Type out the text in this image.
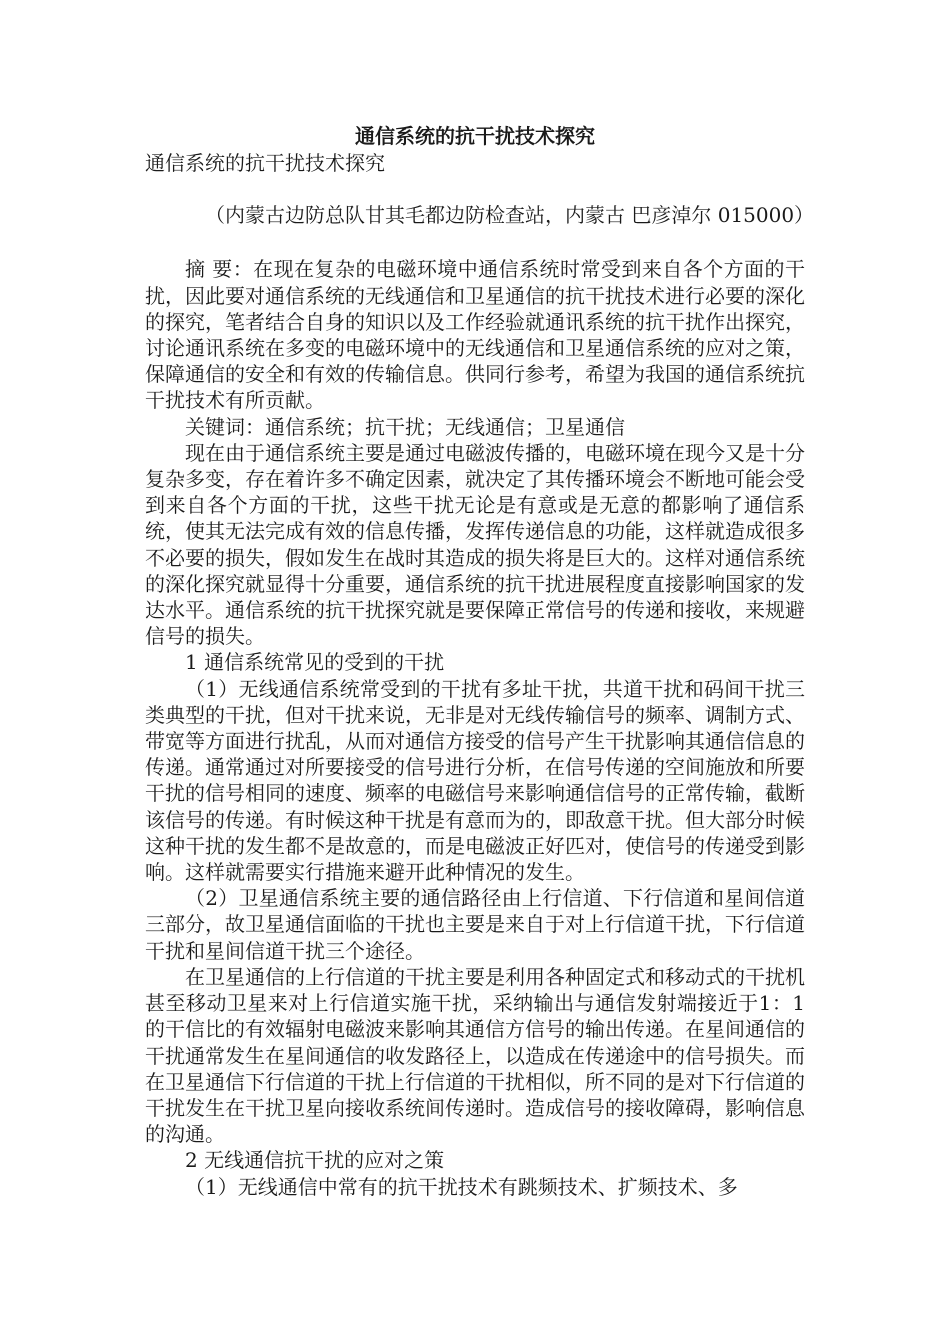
通信系统的抗干扰技术探究

通信系统的抗干扰技术探究

（内蒙古边防总队甘其毛都边防检查站，内蒙古 巴彦淖尔 015000）

摘 要：在现在复杂的电磁环境中通信系统时常受到来自各个方面的干扰，因此要对通信系统的无线通信和卫星通信的抗干扰技术进行必要的深化的探究，笔者结合自身的知识以及工作经验就通讯系统的抗干扰作出探究，讨论通讯系统在多变的电磁环境中的无线通信和卫星通信系统的应对之策，保障通信的安全和有效的传输信息。供同行参考，希望为我国的通信系统抗干扰技术有所贡献。

关键词：通信系统；抗干扰；无线通信；卫星通信

现在由于通信系统主要是通过电磁波传播的，电磁环境在现今又是十分复杂多变，存在着许多不确定因素，就决定了其传播环境会不断地可能会受到来自各个方面的干扰，这些干扰无论是有意或是无意的都影响了通信系统，使其无法完成有效的信息传播，发挥传递信息的功能，这样就造成很多不必要的损失，假如发生在战时其造成的损失将是巨大的。这样对通信系统的深化探究就显得十分重要，通信系统的抗干扰进展程度直接影响国家的发达水平。通信系统的抗干扰探究就是要保障正常信号的传递和接收，来规避信号的损失。

1 通信系统常见的受到的干扰

（1）无线通信系统常受到的干扰有多址干扰，共道干扰和码间干扰三类典型的干扰，但对干扰来说，无非是对无线传输信号的频率、调制方式、带宽等方面进行扰乱，从而对通信方接受的信号产生干扰影响其通信信息的传递。通常通过对所要接受的信号进行分析，在信号传递的空间施放和所要干扰的信号相同的速度、频率的电磁信号来影响通信信号的正常传输，截断该信号的传递。有时候这种干扰是有意而为的，即敌意干扰。但大部分时候这种干扰的发生都不是故意的，而是电磁波正好匹对，使信号的传递受到影响。这样就需要实行措施来避开此种情况的发生。

（2）卫星通信系统主要的通信路径由上行信道、下行信道和星间信道三部分，故卫星通信面临的干扰也主要是来自于对上行信道干扰，下行信道干扰和星间信道干扰三个途径。

在卫星通信的上行信道的干扰主要是利用各种固定式和移动式的干扰机甚至移动卫星来对上行信道实施干扰，采纳输出与通信发射端接近于1：1的干信比的有效辐射电磁波来影响其通信方信号的输出传递。在星间通信的干扰通常发生在星间通信的收发路径上，以造成在传递途中的信号损失。而在卫星通信下行信道的干扰上行信道的干扰相似，所不同的是对下行信道的干扰发生在干扰卫星向接收系统间传递时。造成信号的接收障碍，影响信息的沟通。

2 无线通信抗干扰的应对之策

（1）无线通信中常有的抗干扰技术有跳频技术、扩频技术、多
